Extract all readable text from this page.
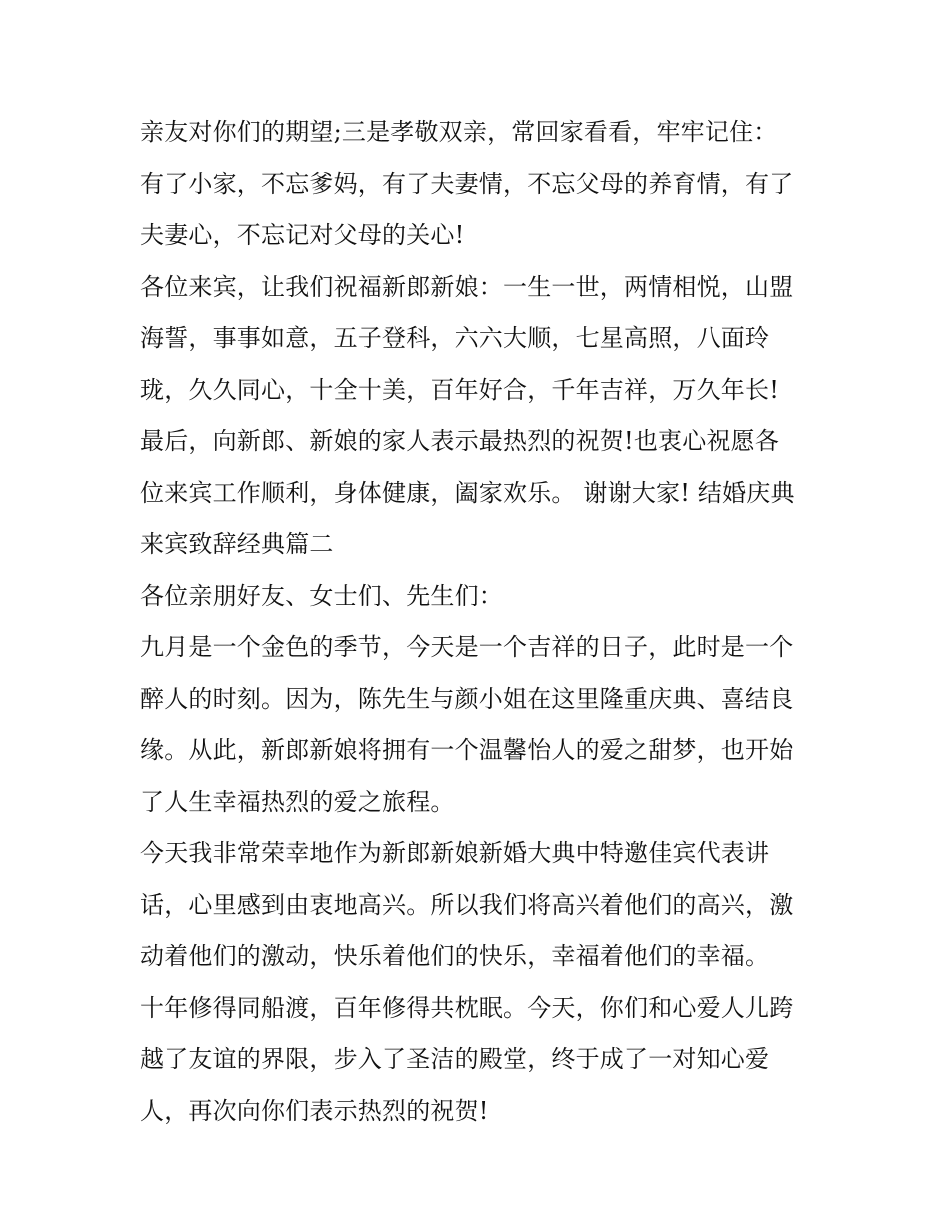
亲友对你们的期望;三是孝敬双亲，常回家看看，牢牢记住：
有了小家，不忘爹妈，有了夫妻情，不忘父母的养育情，有了
夫妻心，不忘记对父母的关心!
各位来宾，让我们祝福新郎新娘：一生一世，两情相悦，山盟
海誓，事事如意，五子登科，六六大顺，七星高照，八面玲
珑，久久同心，十全十美，百年好合，千年吉祥，万久年长!
最后，向新郎、新娘的家人表示最热烈的祝贺!也衷心祝愿各
位来宾工作顺利，身体健康，阖家欢乐。 谢谢大家! 结婚庆典
来宾致辞经典篇二
各位亲朋好友、女士们、先生们：
九月是一个金色的季节，今天是一个吉祥的日子，此时是一个
醉人的时刻。因为，陈先生与颜小姐在这里隆重庆典、喜结良
缘。从此，新郎新娘将拥有一个温馨怡人的爱之甜梦，也开始
了人生幸福热烈的爱之旅程。
今天我非常荣幸地作为新郎新娘新婚大典中特邀佳宾代表讲
话，心里感到由衷地高兴。所以我们将高兴着他们的高兴，激
动着他们的激动，快乐着他们的快乐，幸福着他们的幸福。
十年修得同船渡，百年修得共枕眠。今天，你们和心爱人儿跨
越了友谊的界限，步入了圣洁的殿堂，终于成了一对知心爱
人，再次向你们表示热烈的祝贺!
